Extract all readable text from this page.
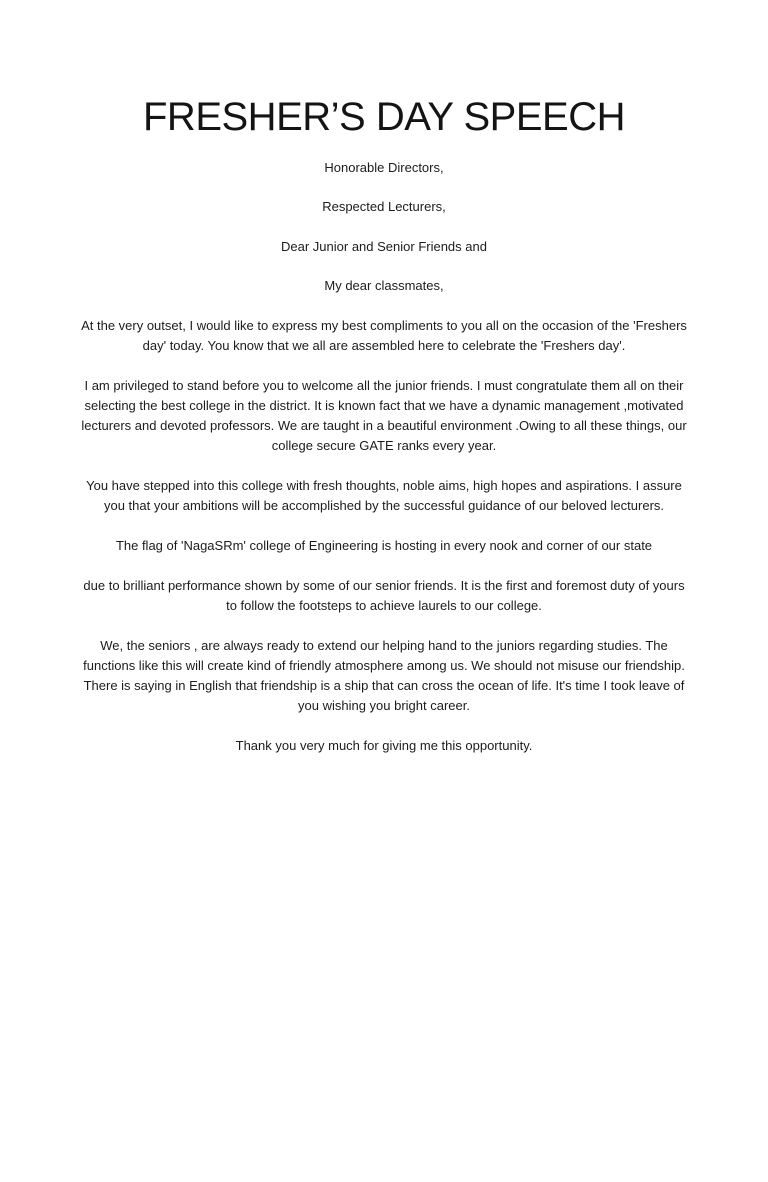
FRESHER’S DAY SPEECH

Honorable Directors,

Respected Lecturers,

Dear Junior and Senior Friends and

My dear classmates,

At the very outset, I would like to express my best compliments to you all on the occasion of the 'Freshers day' today. You know that we all are assembled here to celebrate the 'Freshers day'.

I am privileged to stand before you to welcome all the junior friends. I must congratulate them all on their selecting the best college in the district. It is known fact that we have a dynamic management ,motivated lecturers and devoted professors. We are taught in a beautiful environment .Owing to all these things, our college secure GATE ranks every year.

You have stepped into this college with fresh thoughts, noble aims, high hopes and aspirations. I assure you that your ambitions will be accomplished by the successful guidance of our beloved lecturers.

The flag of 'NagaSRm' college of Engineering is hosting in every nook and corner of our state

due to brilliant performance shown by some of our senior friends. It is the first and foremost duty of yours to follow the footsteps to achieve laurels to our college.

We, the seniors , are always ready to extend our helping hand to the juniors regarding studies. The functions like this will create kind of friendly atmosphere among us. We should not misuse our friendship. There is saying in English that friendship is a ship that can cross the ocean of life. It's time I took leave of you wishing you bright career.

Thank you very much for giving me this opportunity.
